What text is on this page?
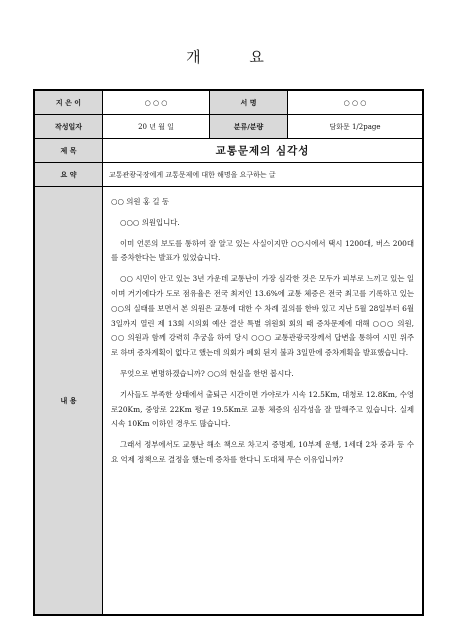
개 요
지 은 이	○ ○ ○	서 명	○ ○ ○
작성일자	20 년 월 일	분류/분량	담화문 1/2page
제 목	교통문제의 심각성
요 약	교통관광국장에게 교통문제에 대한 해명을 요구하는 글
내 용

○○ 의원 홍 길 동

○○○ 의원입니다.

이미 언론의 보도를 통하여 잘 알고 있는 사실이지만 ○○시에서 택시 1200대, 버스 200대를 증차한다는 발표가 있었습니다.

○○ 시민이 안고 있는 3년 가운데 교통난이 가장 심각한 것은 모두가 피부로 느끼고 있는 일이며 거기에다가 도로 점유율은 전국 최저인 13.6%에 교통 체증은 전국 최고를 기록하고 있는 ○○의 실태를 보면서 본 의원은 교통에 대한 수 차례 질의를 한바 있고 지난 5월 28일부터 6월 3일까지 열린 제 13회 시의회 예산 결산 특별 위원회 회의 때 증차문제에 대해 ○○○ 의원, ○○ 의원과 함께 강력히 추궁을 하여 당시 ○○○ 교통관광국장께서 답변을 통하여 시민 위주로 하며 증차계획이 없다고 했는데 의회가 폐회 된지 불과 3일만에 증차계획을 발표했습니다.

무엇으로 변명하겠습니까? ○○의 현실을 한번 봅시다.

기사들도 부족한 상태에서 출퇴근 시간이면 가야로가 시속 12.5Km, 대청로 12.8Km, 수영로20Km, 중앙로 22Km 평균 19.5Km로 교통 체증의 심각성을 잘 말해주고 있습니다. 실제 시속 10Km 이하인 경우도 많습니다.

그래서 정부에서도 교통난 해소 책으로 차고지 증명제, 10부제 운행, 1세대 2차 중과 등 수요 억제 정책으로 결정을 했는데 증차를 한다니 도대체 무슨 이유입니까?
